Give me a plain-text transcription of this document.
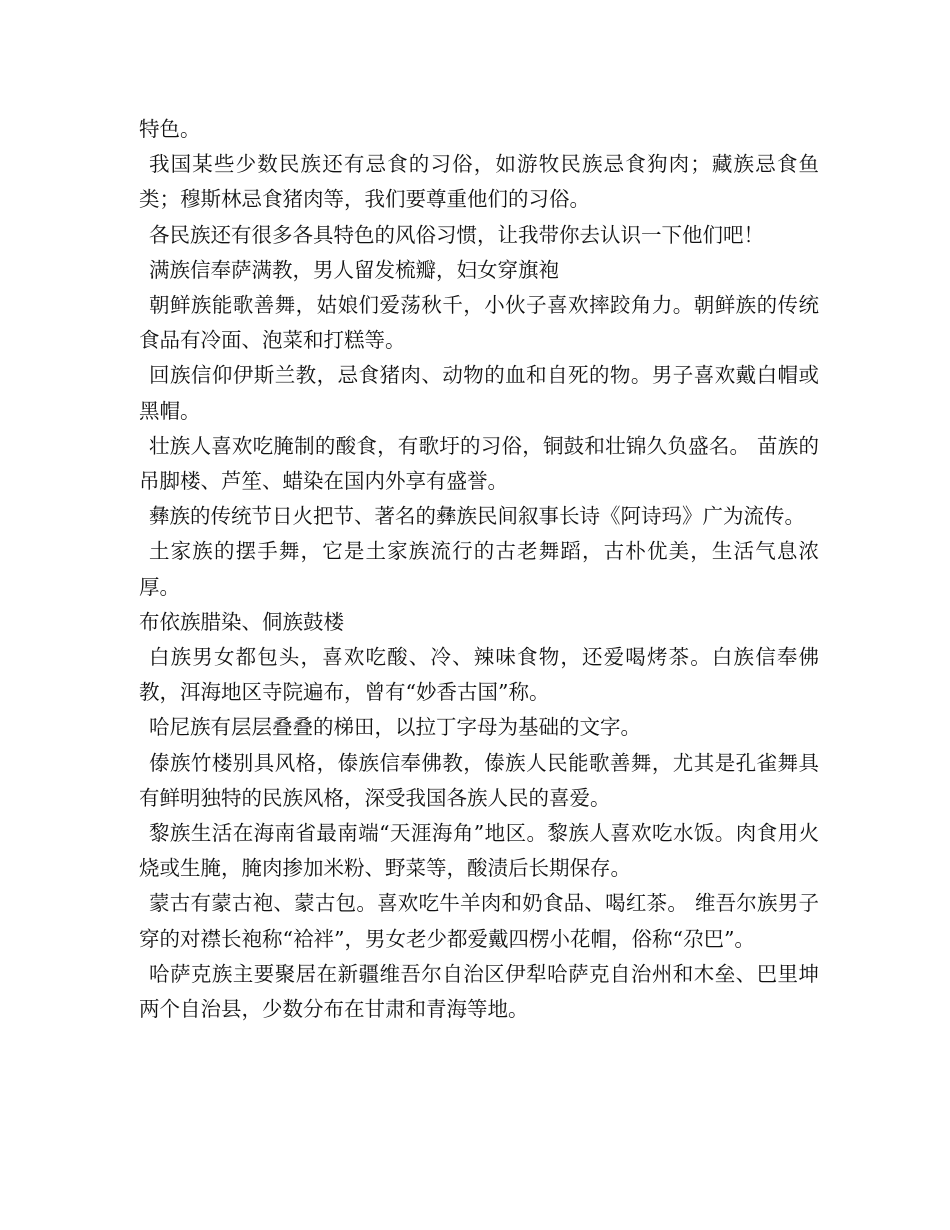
特色。

我国某些少数民族还有忌食的习俗，如游牧民族忌食狗肉；藏族忌食鱼类；穆斯林忌食猪肉等，我们要尊重他们的习俗。

各民族还有很多各具特色的风俗习惯，让我带你去认识一下他们吧！

满族信奉萨满教，男人留发梳瓣，妇女穿旗袍

朝鲜族能歌善舞，姑娘们爱荡秋千，小伙子喜欢摔跤角力。朝鲜族的传统食品有冷面、泡菜和打糕等。

回族信仰伊斯兰教，忌食猪肉、动物的血和自死的物。男子喜欢戴白帽或黑帽。

壮族人喜欢吃腌制的酸食，有歌圩的习俗，铜鼓和壮锦久负盛名。 苗族的吊脚楼、芦笙、蜡染在国内外享有盛誉。

彝族的传统节日火把节、著名的彝族民间叙事长诗《阿诗玛》广为流传。

土家族的摆手舞，它是土家族流行的古老舞蹈，古朴优美，生活气息浓厚。

布依族腊染、侗族鼓楼

白族男女都包头，喜欢吃酸、冷、辣味食物，还爱喝烤茶。白族信奉佛教，洱海地区寺院遍布，曾有“妙香古国”称。

哈尼族有层层叠叠的梯田，以拉丁字母为基础的文字。

傣族竹楼别具风格，傣族信奉佛教，傣族人民能歌善舞，尤其是孔雀舞具有鲜明独特的民族风格，深受我国各族人民的喜爱。

黎族生活在海南省最南端“天涯海角”地区。黎族人喜欢吃水饭。肉食用火烧或生腌，腌肉掺加米粉、野菜等，酸渍后长期保存。

蒙古有蒙古袍、蒙古包。喜欢吃牛羊肉和奶食品、喝红茶。 维吾尔族男子穿的对襟长袍称“袷袢”，男女老少都爱戴四楞小花帽，俗称“尕巴”。

哈萨克族主要聚居在新疆维吾尔自治区伊犁哈萨克自治州和木垒、巴里坤两个自治县，少数分布在甘肃和青海等地。
